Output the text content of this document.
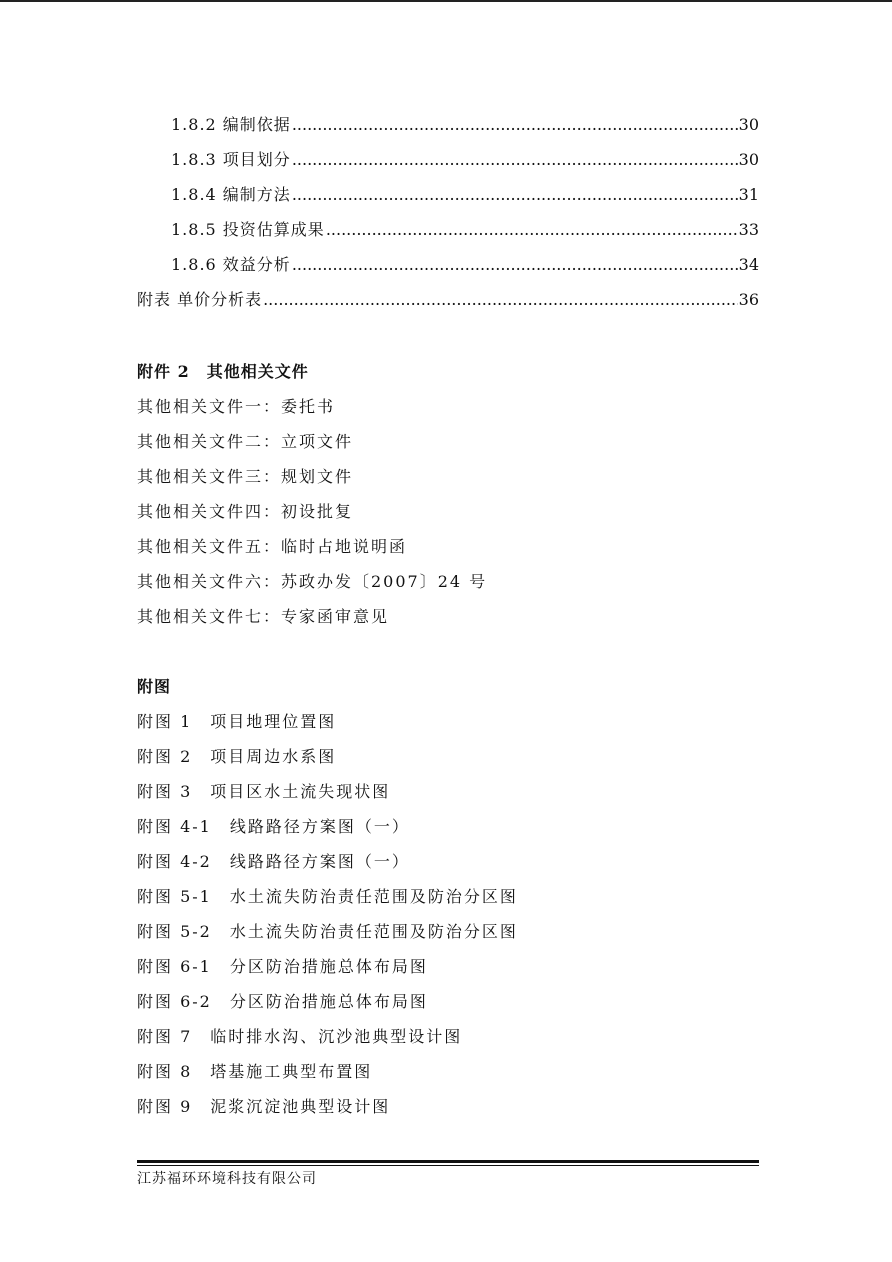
1.8.2 编制依据 .....	30
1.8.3 项目划分 .....	30
1.8.4 编制方法 .....	31
1.8.5 投资估算成果 .....	33
1.8.6 效益分析 .....	34
附表 单价分析表 .....	36
附件 2　其他相关文件
其他相关文件一：委托书
其他相关文件二：立项文件
其他相关文件三：规划文件
其他相关文件四：初设批复
其他相关文件五：临时占地说明函
其他相关文件六：苏政办发〔2007〕24 号
其他相关文件七：专家函审意见
附图
附图 1　项目地理位置图
附图 2　项目周边水系图
附图 3　项目区水土流失现状图
附图 4-1　线路路径方案图（一）
附图 4-2　线路路径方案图（一）
附图 5-1　水土流失防治责任范围及防治分区图
附图 5-2　水土流失防治责任范围及防治分区图
附图 6-1　分区防治措施总体布局图
附图 6-2　分区防治措施总体布局图
附图 7　临时排水沟、沉沙池典型设计图
附图 8　塔基施工典型布置图
附图 9　泥浆沉淀池典型设计图
江苏福环环境科技有限公司
